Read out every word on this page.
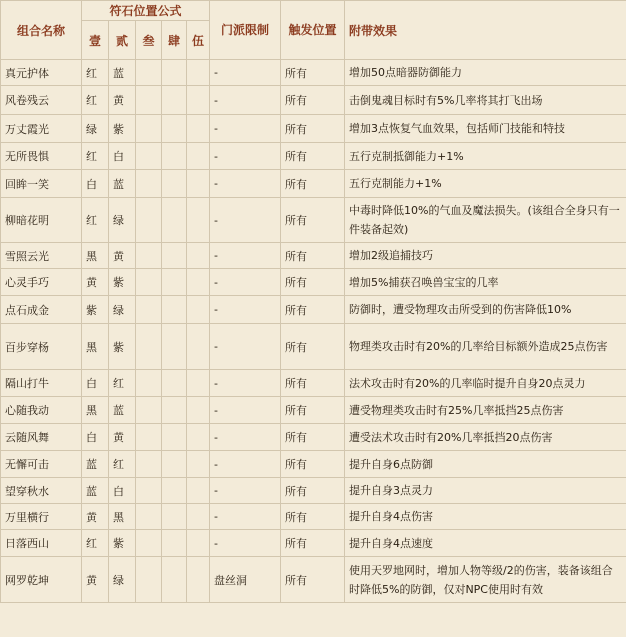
组合名称	符石位置公式					门派限制	触发位置	附带效果
	壹	贰	叁	肆	伍			
真元护体	红	蓝				-	所有	增加50点暗器防御能力
风卷残云	红	黄				-	所有	击倒鬼魂目标时有5%几率将其打飞出场
万丈霞光	绿	紫				-	所有	增加3点恢复气血效果，包括师门技能和特技
无所畏惧	红	白				-	所有	五行克制抵御能力+1%
回眸一笑	白	蓝				-	所有	五行克制能力+1%
柳暗花明	红	绿				-	所有	中毒时降低10%的气血及魔法损失。(该组合全身只有一件装备起效)
雪照云光	黑	黄				-	所有	增加2级追捕技巧
心灵手巧	黄	紫				-	所有	增加5%捕获召唤兽宝宝的几率
点石成金	紫	绿				-	所有	防御时，遭受物理攻击所受到的伤害降低10%
百步穿杨	黑	紫				-	所有	物理类攻击时有20%的几率给目标额外造成25点伤害
隔山打牛	白	红				-	所有	法术攻击时有20%的几率临时提升自身20点灵力
心随我动	黑	蓝				-	所有	遭受物理类攻击时有25%几率抵挡25点伤害
云随风舞	白	黄				-	所有	遭受法术攻击时有20%几率抵挡20点伤害
无懈可击	蓝	红				-	所有	提升自身6点防御
望穿秋水	蓝	白				-	所有	提升自身3点灵力
万里横行	黄	黑				-	所有	提升自身4点伤害
日落西山	红	紫				-	所有	提升自身4点速度
网罗乾坤	黄	绿				盘丝洞	所有	使用天罗地网时，增加人物等级/2的伤害，装备该组合时降低5%的防御，仅对NPC使用时有效
